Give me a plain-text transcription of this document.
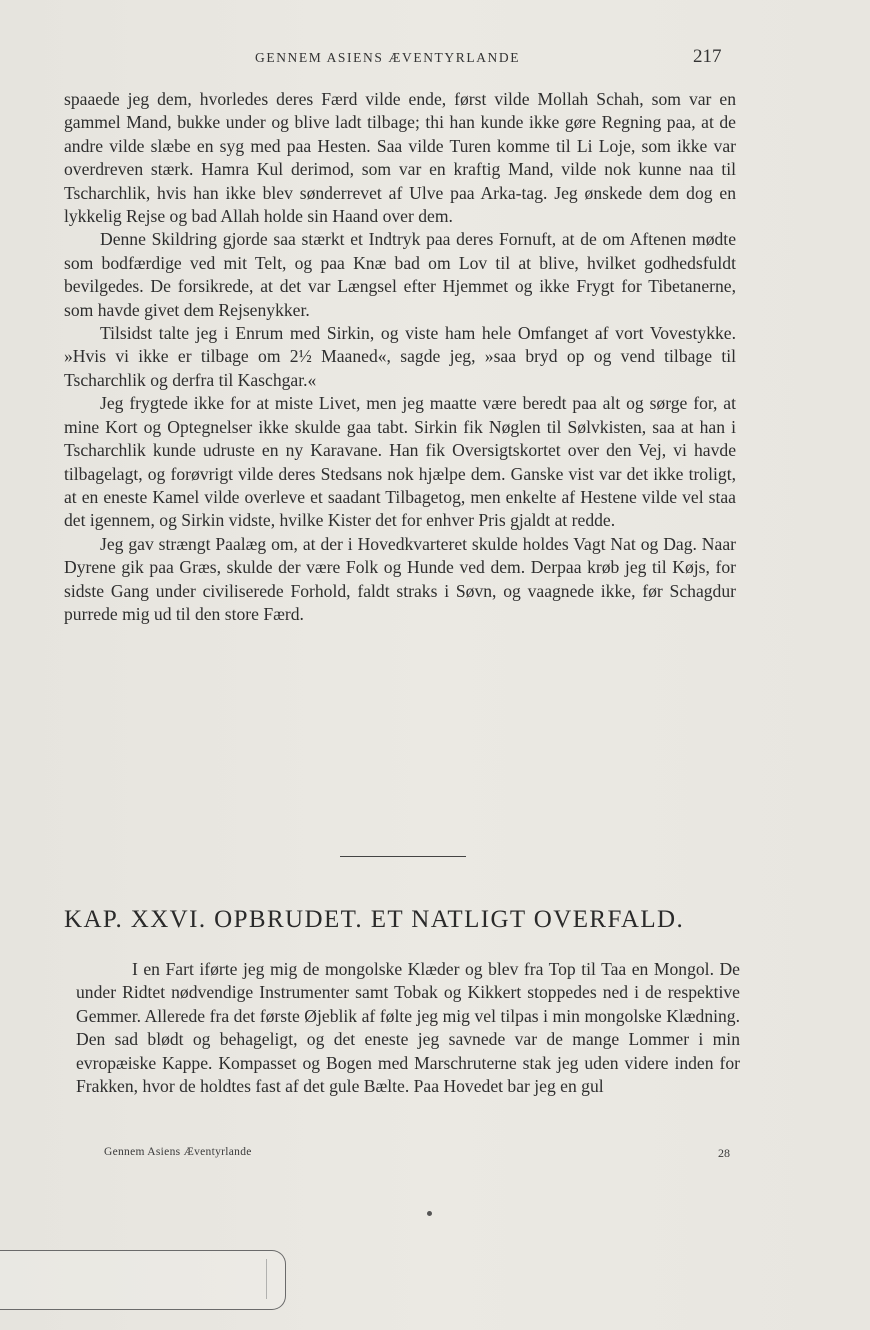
GENNEM ASIENS ÆVENTYRLANDE	217

spaaede jeg dem, hvorledes deres Færd vilde ende, først vilde Mollah Schah, som var en gammel Mand, bukke under og blive ladt tilbage; thi han kunde ikke gøre Regning paa, at de andre vilde slæbe en syg med paa Hesten. Saa vilde Turen komme til Li Loje, som ikke var overdreven stærk. Hamra Kul derimod, som var en kraftig Mand, vilde nok kunne naa til Tscharchlik, hvis han ikke blev sønderrevet af Ulve paa Arka-tag. Jeg ønskede dem dog en lykkelig Rejse og bad Allah holde sin Haand over dem.

Denne Skildring gjorde saa stærkt et Indtryk paa deres Fornuft, at de om Aftenen mødte som bodfærdige ved mit Telt, og paa Knæ bad om Lov til at blive, hvilket godhedsfuldt bevilgedes. De forsikrede, at det var Længsel efter Hjemmet og ikke Frygt for Tibetanerne, som havde givet dem Rejsenykker.

Tilsidst talte jeg i Enrum med Sirkin, og viste ham hele Omfanget af vort Vovestykke. »Hvis vi ikke er tilbage om 2½ Maaned«, sagde jeg, »saa bryd op og vend tilbage til Tscharchlik og derfra til Kaschgar.«

Jeg frygtede ikke for at miste Livet, men jeg maatte være beredt paa alt og sørge for, at mine Kort og Optegnelser ikke skulde gaa tabt. Sirkin fik Nøglen til Sølvkisten, saa at han i Tscharchlik kunde udruste en ny Karavane. Han fik Oversigtskortet over den Vej, vi havde tilbagelagt, og forøvrigt vilde deres Stedsans nok hjælpe dem. Ganske vist var det ikke troligt, at en eneste Kamel vilde overleve et saadant Tilbagetog, men enkelte af Hestene vilde vel staa det igennem, og Sirkin vidste, hvilke Kister det for enhver Pris gjaldt at redde.

Jeg gav strængt Paalæg om, at der i Hovedkvarteret skulde holdes Vagt Nat og Dag. Naar Dyrene gik paa Græs, skulde der være Folk og Hunde ved dem. Derpaa krøb jeg til Køjs, for sidste Gang under civiliserede Forhold, faldt straks i Søvn, og vaagnede ikke, før Schagdur purrede mig ud til den store Færd.

KAP. XXVI. OPBRUDET. ET NATLIGT OVERFALD.

I en Fart iførte jeg mig de mongolske Klæder og blev fra Top til Taa en Mongol. De under Ridtet nødvendige Instrumenter samt Tobak og Kikkert stoppedes ned i de respektive Gemmer. Allerede fra det første Øjeblik af følte jeg mig vel tilpas i min mongolske Klædning. Den sad blødt og behageligt, og det eneste jeg savnede var de mange Lommer i min evropæiske Kappe. Kompasset og Bogen med Marschruterne stak jeg uden videre inden for Frakken, hvor de holdtes fast af det gule Bælte. Paa Hovedet bar jeg en gul

Gennem Asiens Æventyrlande	28
